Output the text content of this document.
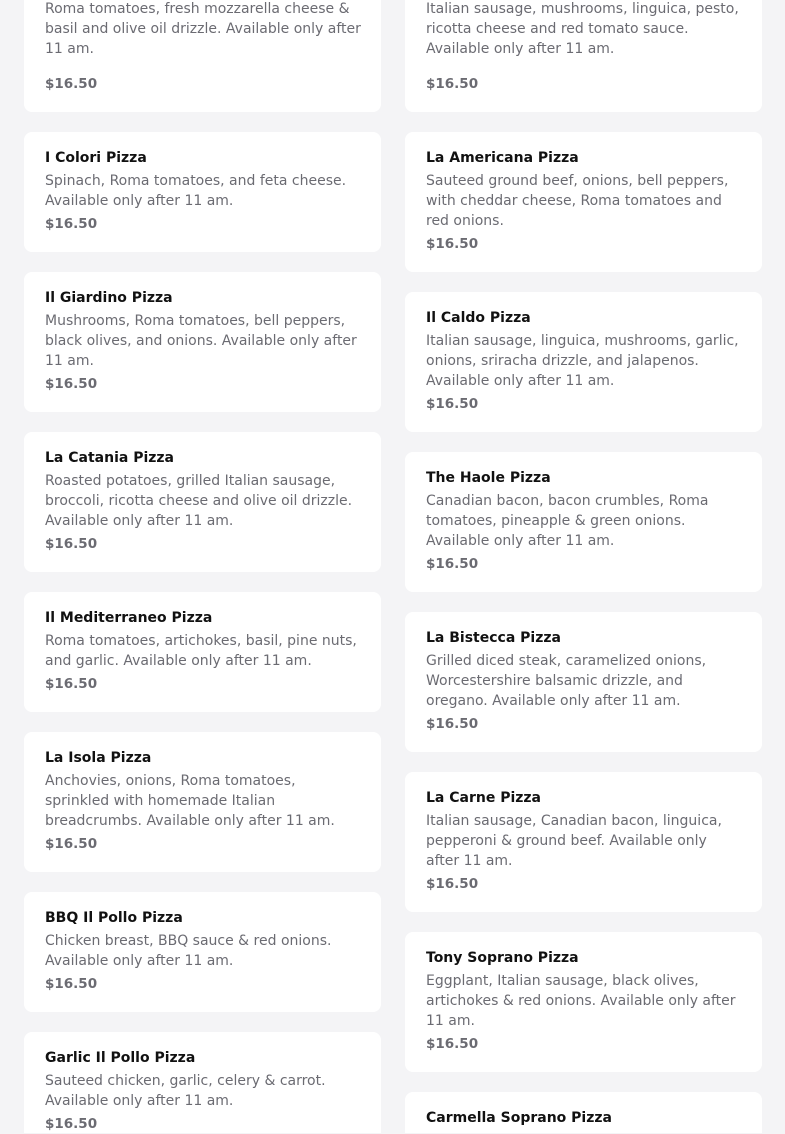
Roma tomatoes, fresh mozzarella cheese & basil and olive oil drizzle. Available only after 11 am.

$16.50
I Colori Pizza

Spinach, Roma tomatoes, and feta cheese. Available only after 11 am.

$16.50
Il Giardino Pizza

Mushrooms, Roma tomatoes, bell peppers, black olives, and onions. Available only after 11 am.

$16.50
La Catania Pizza

Roasted potatoes, grilled Italian sausage, broccoli, ricotta cheese and olive oil drizzle. Available only after 11 am.

$16.50
Il Mediterraneo Pizza

Roma tomatoes, artichokes, basil, pine nuts, and garlic. Available only after 11 am.

$16.50
La Isola Pizza

Anchovies, onions, Roma tomatoes, sprinkled with homemade Italian breadcrumbs. Available only after 11 am.

$16.50
BBQ Il Pollo Pizza

Chicken breast, BBQ sauce & red onions. Available only after 11 am.

$16.50
Garlic Il Pollo Pizza

Sauteed chicken, garlic, celery & carrot. Available only after 11 am.

$16.50

Italian sausage, mushrooms, linguica, pesto, ricotta cheese and red tomato sauce. Available only after 11 am.

$16.50
La Americana Pizza

Sauteed ground beef, onions, bell peppers, with cheddar cheese, Roma tomatoes and red onions.

$16.50
Il Caldo Pizza

Italian sausage, linguica, mushrooms, garlic, onions, sriracha drizzle, and jalapenos. Available only after 11 am.

$16.50
The Haole Pizza

Canadian bacon, bacon crumbles, Roma tomatoes, pineapple & green onions. Available only after 11 am.

$16.50
La Bistecca Pizza

Grilled diced steak, caramelized onions, Worcestershire balsamic drizzle, and oregano. Available only after 11 am.

$16.50
La Carne Pizza

Italian sausage, Canadian bacon, linguica, pepperoni & ground beef. Available only after 11 am.

$16.50
Tony Soprano Pizza

Eggplant, Italian sausage, black olives, artichokes & red onions. Available only after 11 am.

$16.50
Carmella Soprano Pizza
